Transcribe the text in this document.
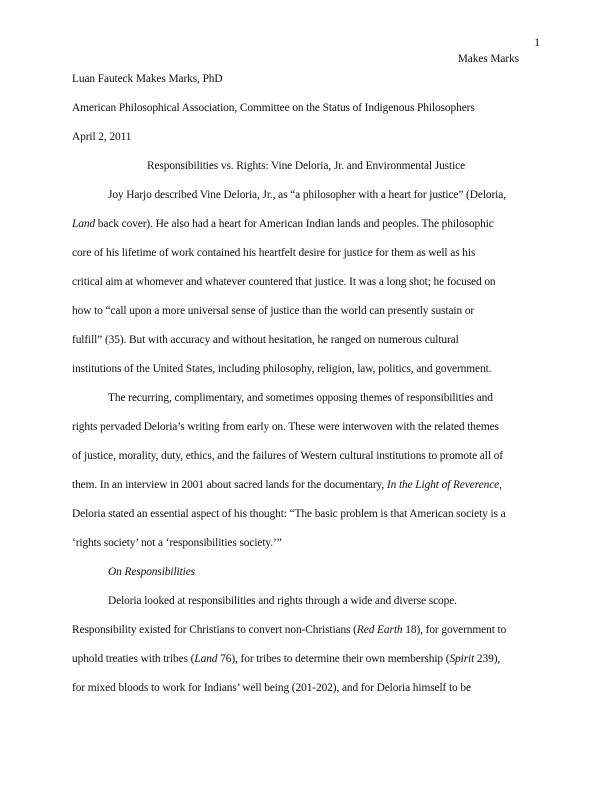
1
Makes Marks
Luan Fauteck Makes Marks, PhD
American Philosophical Association, Committee on the Status of Indigenous Philosophers
April 2, 2011
Responsibilities vs. Rights: Vine Deloria, Jr. and Environmental Justice
Joy Harjo described Vine Deloria, Jr., as “a philosopher with a heart for justice” (Deloria,
Land back cover). He also had a heart for American Indian lands and peoples. The philosophic
core of his lifetime of work contained his heartfelt desire for justice for them as well as his
critical aim at whomever and whatever countered that justice. It was a long shot; he focused on
how to “call upon a more universal sense of justice than the world can presently sustain or
fulfill” (35). But with accuracy and without hesitation, he ranged on numerous cultural
institutions of the United States, including philosophy, religion, law, politics, and government.
The recurring, complimentary, and sometimes opposing themes of responsibilities and
rights pervaded Deloria’s writing from early on. These were interwoven with the related themes
of justice, morality, duty, ethics, and the failures of Western cultural institutions to promote all of
them. In an interview in 2001 about sacred lands for the documentary, In the Light of Reverence,
Deloria stated an essential aspect of his thought: “The basic problem is that American society is a
‘rights society’ not a ‘responsibilities society.’”
On Responsibilities
Deloria looked at responsibilities and rights through a wide and diverse scope.
Responsibility existed for Christians to convert non-Christians (Red Earth 18), for government to
uphold treaties with tribes (Land 76), for tribes to determine their own membership (Spirit 239),
for mixed bloods to work for Indians’ well being (201-202), and for Deloria himself to be
